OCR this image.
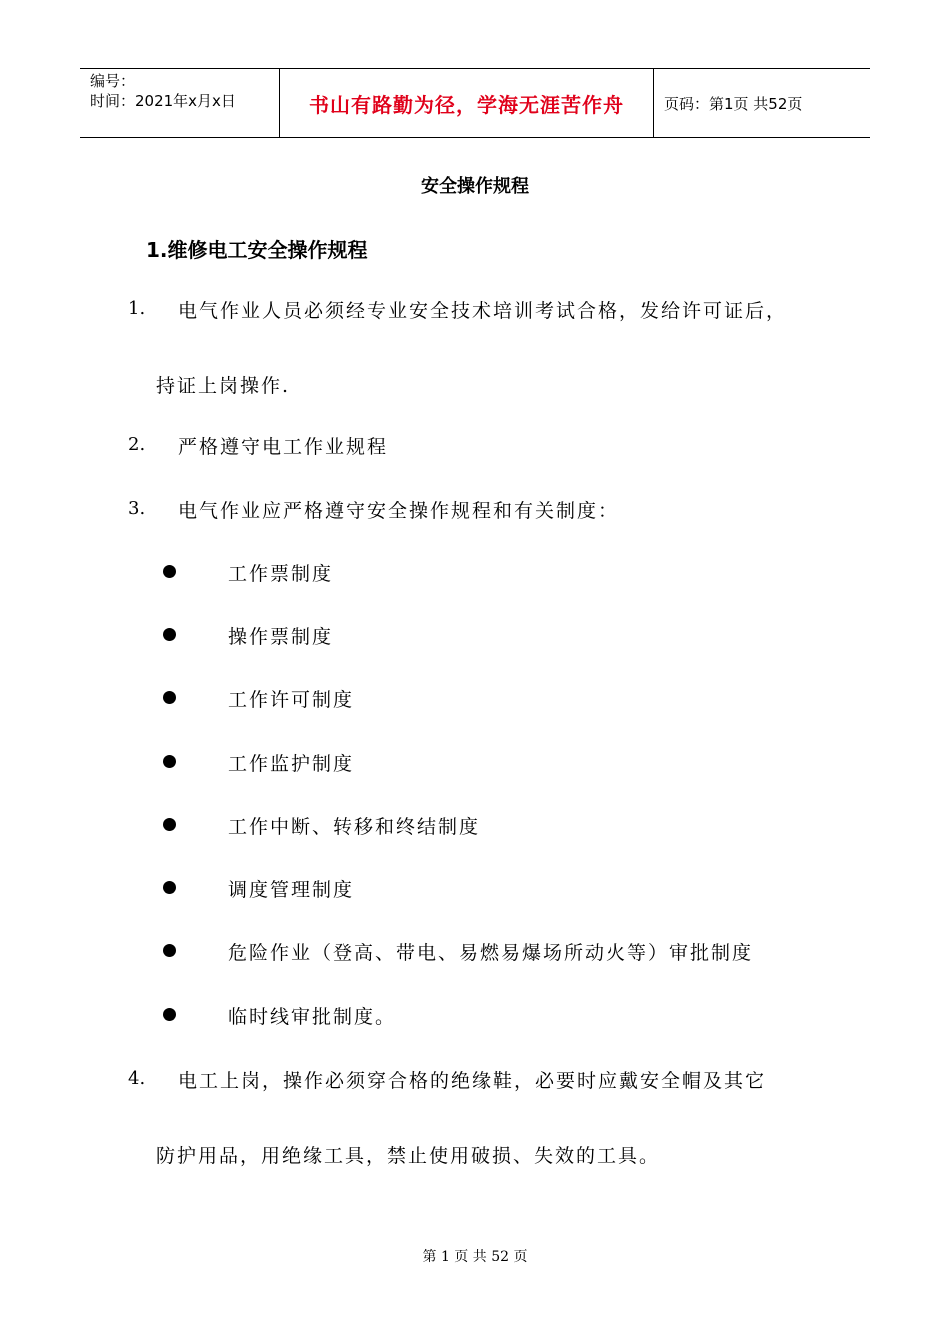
编号：
时间：2021年x月x日	书山有路勤为径，学海无涯苦作舟	页码：第1页 共52页
安全操作规程
1.维修电工安全操作规程
1. 电气作业人员必须经专业安全技术培训考试合格，发给许可证后，
持证上岗操作.
2. 严格遵守电工作业规程
3. 电气作业应严格遵守安全操作规程和有关制度：
工作票制度
操作票制度
工作许可制度
工作监护制度
工作中断、转移和终结制度
调度管理制度
危险作业（登高、带电、易燃易爆场所动火等）审批制度
临时线审批制度。
4. 电工上岗，操作必须穿合格的绝缘鞋，必要时应戴安全帽及其它
防护用品，用绝缘工具，禁止使用破损、失效的工具。
第 1 页 共 52 页
